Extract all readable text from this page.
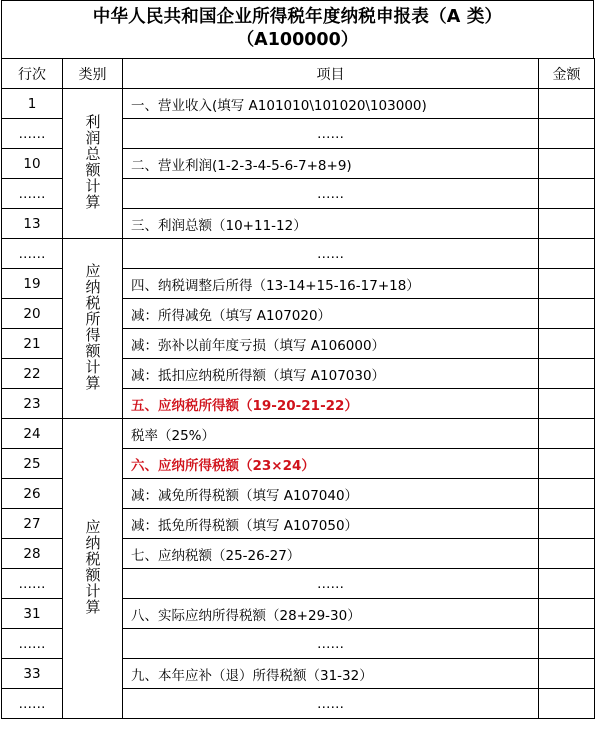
中华人民共和国企业所得税年度纳税申报表（A 类）
（A100000）
行次	类别	项目	金额
1	利润总额计算	一、营业收入(填写 A101010\101020\103000)	
……		……	
10		二、营业利润(1-2-3-4-5-6-7+8+9)	
……		……	
13		三、利润总额（10+11-12）	
……	应纳税所得额计算	……	
19		四、纳税调整后所得（13-14+15-16-17+18）	
20		减：所得减免（填写 A107020）	
21		减：弥补以前年度亏损（填写 A106000）	
22		减：抵扣应纳税所得额（填写 A107030）	
23		五、应纳税所得额（19-20-21-22）	
24	应纳税额计算	税率（25%）	
25		六、应纳所得税额（23×24）	
26		减：减免所得税额（填写 A107040）	
27		减：抵免所得税额（填写 A107050）	
28		七、应纳税额（25-26-27）	
……		……	
31		八、实际应纳所得税额（28+29-30）	
……		……	
33		九、本年应补（退）所得税额（31-32）	
……		……	
